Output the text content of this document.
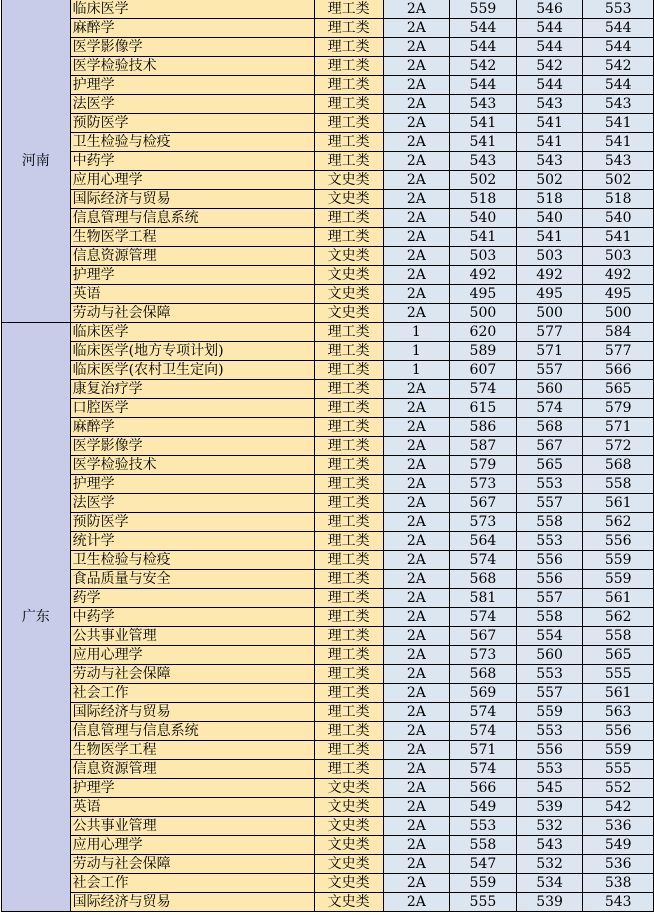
河南	临床医学	理工类	2A	559	546	553
	麻醉学	理工类	2A	544	544	544
	医学影像学	理工类	2A	544	544	544
	医学检验技术	理工类	2A	542	542	542
	护理学	理工类	2A	544	544	544
	法医学	理工类	2A	543	543	543
	预防医学	理工类	2A	541	541	541
	卫生检验与检疫	理工类	2A	541	541	541
	中药学	理工类	2A	543	543	543
	应用心理学	文史类	2A	502	502	502
	国际经济与贸易	文史类	2A	518	518	518
	信息管理与信息系统	理工类	2A	540	540	540
	生物医学工程	理工类	2A	541	541	541
	信息资源管理	文史类	2A	503	503	503
	护理学	文史类	2A	492	492	492
	英语	文史类	2A	495	495	495
	劳动与社会保障	文史类	2A	500	500	500
广东	临床医学	理工类	1	620	577	584
	临床医学(地方专项计划)	理工类	1	589	571	577
	临床医学(农村卫生定向)	理工类	1	607	557	566
	康复治疗学	理工类	2A	574	560	565
	口腔医学	理工类	2A	615	574	579
	麻醉学	理工类	2A	586	568	571
	医学影像学	理工类	2A	587	567	572
	医学检验技术	理工类	2A	579	565	568
	护理学	理工类	2A	573	553	558
	法医学	理工类	2A	567	557	561
	预防医学	理工类	2A	573	558	562
	统计学	理工类	2A	564	553	556
	卫生检验与检疫	理工类	2A	574	556	559
	食品质量与安全	理工类	2A	568	556	559
	药学	理工类	2A	581	557	561
	中药学	理工类	2A	574	558	562
	公共事业管理	理工类	2A	567	554	558
	应用心理学	理工类	2A	573	560	565
	劳动与社会保障	理工类	2A	568	553	555
	社会工作	理工类	2A	569	557	561
	国际经济与贸易	理工类	2A	574	559	563
	信息管理与信息系统	理工类	2A	574	553	556
	生物医学工程	理工类	2A	571	556	559
	信息资源管理	理工类	2A	574	553	555
	护理学	文史类	2A	566	545	552
	英语	文史类	2A	549	539	542
	公共事业管理	文史类	2A	553	532	536
	应用心理学	文史类	2A	558	543	549
	劳动与社会保障	文史类	2A	547	532	536
	社会工作	文史类	2A	559	534	538
	国际经济与贸易	文史类	2A	555	539	543
